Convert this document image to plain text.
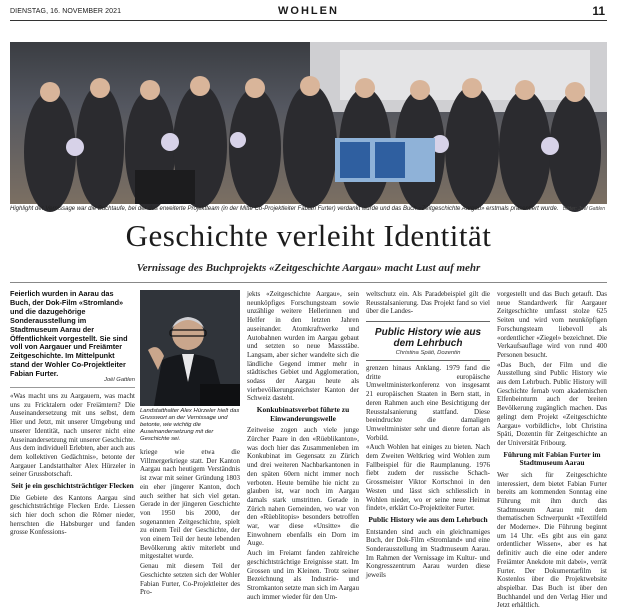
DIENSTAG, 16. NOVEMBER 2021	WOHLEN	11
Highlight der Vernissage war die Buchtaufe, bei der das erweiterte Projektteam (in der Mitte Co-Projektleiter Fabian Furter) verdankt wurde und das Buch «Zeitgeschichte Aargau» erstmals präsentiert wurde. Bilder: Joël Gattlen
Geschichte verleiht Identität
Vernissage des Buchprojekts «Zeitgeschichte Aargau» macht Lust auf mehr
Feierlich wurden in Aarau das Buch, der Dok-Film «Stromland» und die dazugehörige Sonderausstellung im Stadtmuseum Aarau der Öffentlichkeit vorgestellt. Sie sind voll von Aargauer und Freiämter Zeitgeschichte. Im Mittelpunkt stand der Wohler Co-Projektleiter Fabian Furter.
Joël Gattlen

«Was macht uns zu Aargauern, was macht uns zu Fricktalern oder Freiämtern? Die Auseinandersetzung mit uns selbst, dem Hier und Jetzt, mit unserer Umgebung und unserer Identität, nach unserer nicht eine Auseinandersetzung mit unserer Geschichte. Aus dem individuell Erlebten, aber auch aus dem kollektiven Gedächtnis», betonte der Aargauer Landstatthalter Alex Hürzeler in seiner Grussbotschaft.

Seit je ein geschichtsträchtiger Flecken

Die Gebiete des Kantons Aargau sind geschichtsträchtige Flecken Erde. Liessen sich hier doch schon die Römer nieder, herrschten die Habsburger und fanden grosse Konfessions-

Landstatthalter Alex Hürzeler hielt das Grusswort an der Vernissage und betonte, wie wichtig die Auseinandersetzung mit der Geschichte sei.

kriege wie etwa die Villmergerkriege statt. Der Kanton Aargau nach heutigem Verständnis ist zwar mit seiner Gründung 1803 ein eher jüngerer Kanton, doch auch seither hat sich viel getan. Gerade in der jüngeren Geschichte von 1950 bis 2000, der sogenannten Zeitgeschichte, spielt zu einem Teil der Geschichte, der von einem Teil der heute lebenden Bevölkerung aktiv miterlebt und mitgestaltet wurde.

Genau mit diesem Teil der Geschichte setzten sich der Wohler Fabian Furter, Co-Projektleiter des Pro-

jekts «Zeitgeschichte Aargau», sein neunköpfiges Forschungsteam sowie unzählige weitere Hellerinnen und Helfer in den letzten Jahren auseinander. Atomkraftwerke und Autobahnen wurden im Aargau gebaut und setzten so neue Massstäbe. Langsam, aber sicher wandelte sich die ländliche Gegend immer mehr in städtisches Gebiet und Agglomeration, sodass der Aargau heute als vierbevölkerungsreichster Kanton der Schweiz dasteht.

Konkubinatsverbot führte zu Einwanderungswelle

Zeitweise zogen auch viele junge Zürcher Paare in den «Rüeblikanton», was doch hier das Zusammenleben im Konkubinat im Gegensatz zu Zürich und drei weiteren Nachbarkantonen in den späten 60ern nicht immer noch verboten. Heute bemühe hie nicht zu glauben ist, war noch im Aargau damals stark umstritten. Gerade in Zürich nahen Gemeinden, wo war von den «Rüeblitopis» besonders betroffen war, war diese «Unsitte» die Einwohnern ebenfalls ein Dorn im Auge.

Auch im Freiamt fanden zahlreiche geschichtsträchtige Ereignisse statt. Im Grossen und im Kleinen. Trotz seiner Bezeichnung als Industrie- und Stromkanton setzte man sich im Aargau auch immer wieder für den Um-

weltschutz ein. Als Paradebeispiel gilt die Reusstalsanierung. Das Projekt fand so viel über die Landes-

Public History wie aus dem Lehrbuch
Christina Späti, Dozentin

grenzen hinaus Anklang. 1979 fand die dritte europäische Umweltministerkonferenz von insgesamt 21 europäischen Staaten in Bern statt, in deren Rahmen auch eine Besichtigung der Reusstalsanierung stattfand. Diese beeindruckte die damaligen Umweltminister sehr und dienre fortan als Vorbild.

«Auch Wohlen hat einiges zu bieten. Nach dem Zweiten Weltkrieg wird Wohlen zum Fallbeispiel für die Raumplanung. 1976 fiebt zudem der russische Schach-Grossmeister Viktor Kortschnoi in den Westen und lässt sich schliesslich in Wohlen nieder, wo er seine neue Heimat findet», erklärt Co-Projektleiter Furter.

Public History wie aus dem Lehrbuch

Entstanden sind auch ein gleichnamiges Buch, der Dok-Film «Stromland» und eine Sonderausstellung im Stadtmuseum Aarau. Im Rahmen der Vernissage im Kultur- und Kongresszentrum Aarau wurden diese jeweils

vorgestellt und das Buch getauft. Das neue Standardwerk für Aargauer Zeitgeschichte umfasst stolze 625 Seiten und wird vom neunköpfigen Forschungsteam liebevoll als «ordentlicher «Ziegel» bezeichnet. Die Verkaufsauflage wird von rund 400 Personen besucht.

«Das Buch, der Film und die Ausstellung sind Public History wie aus dem Lehrbuch. Public History will Geschichte fernab vom akademischen Elfenbeinturm auch der breiten Bevölkerung zugänglich machen. Das gelingt dem Projekt «Zeitgeschichte Aargau» vorbildlich», lobt Christina Späti, Dozentin für Zeitgeschichte an der Universität Fribourg.

Führung mit Fabian Furter im Stadtmuseum Aarau

Wer sich für Zeitgeschichte interessiert, dem bietet Fabian Furter bereits am kommenden Sonntag eine Führung mit ihm durch das Stadtmuseum Aarau mit dem thematischen Schwerpunkt «Textilfeld der Moderne». Die Führung beginnt um 14 Uhr. «Es gibt aus ein ganz ordentlicher Wissen», aber es hat definitiv auch die eine oder andere Freiämter Anekdote mit dabei», verrät Furter. Der Dokumentarfilm ist Kostenlos über die Projektwebsite abspielbar. Das Buch ist über den Buchhandel und den Verlag Hier und Jetzt erhältlich.
